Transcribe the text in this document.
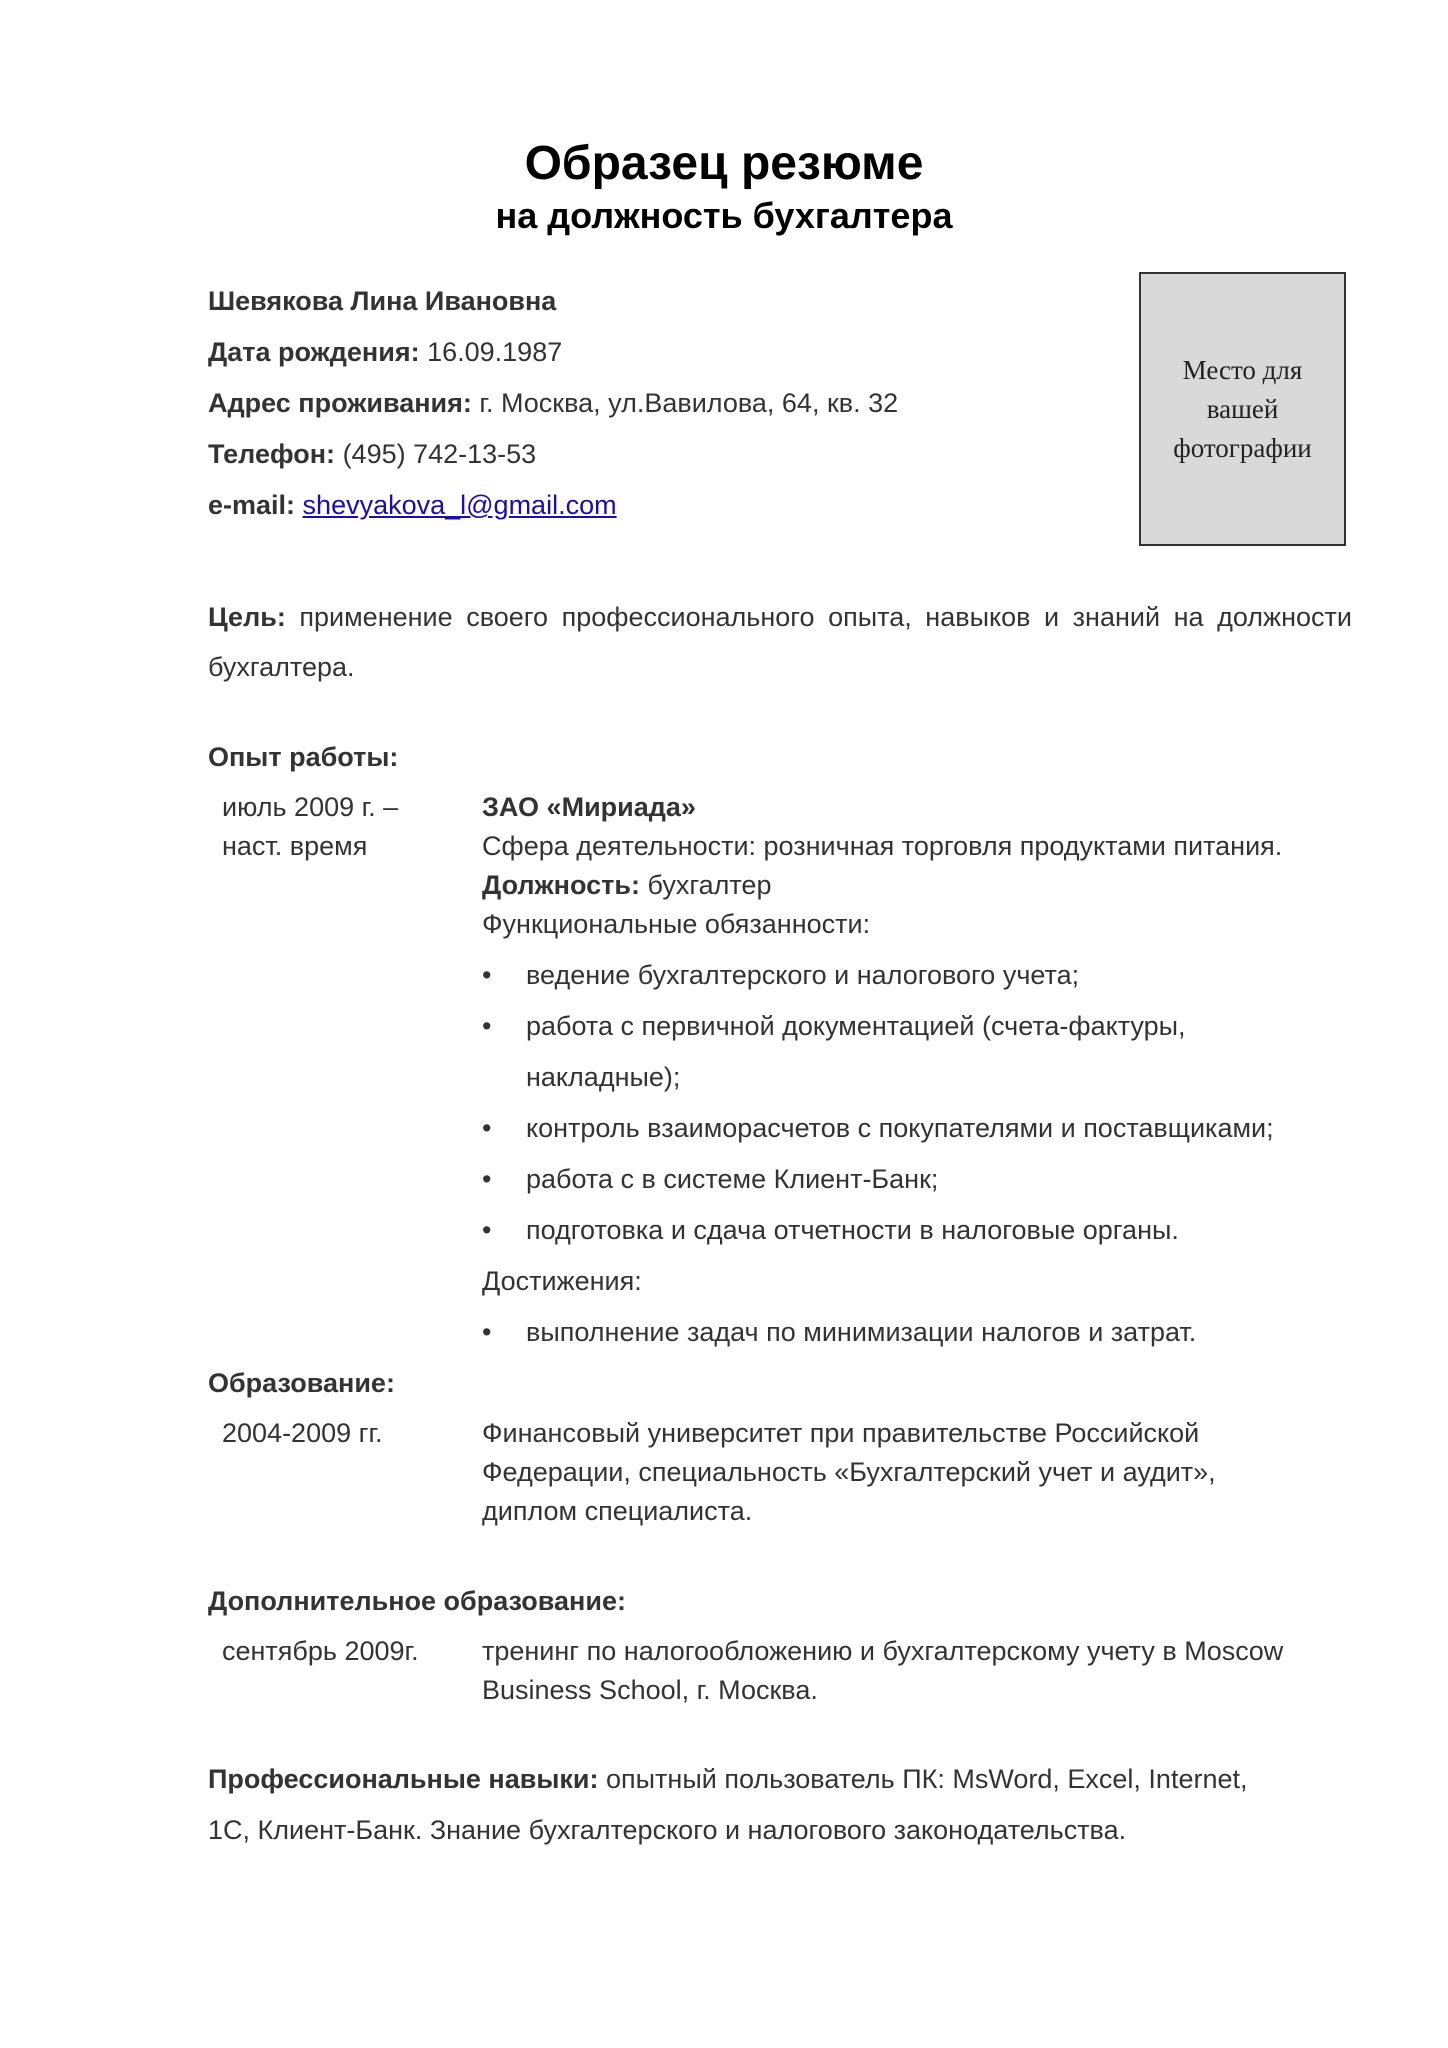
Образец резюме
на должность бухгалтера
Шевякова Лина Ивановна
Дата рождения: 16.09.1987
Адрес проживания: г. Москва, ул.Вавилова, 64, кв. 32
Телефон: (495) 742-13-53
e-mail: shevyakova_l@gmail.com
Место для
вашей
фотографии
Цель: применение своего профессионального опыта, навыков и знаний на должности бухгалтера.
Опыт работы:
июль 2009 г. –
наст. время
ЗАО «Мириада»
Сфера деятельности: розничная торговля продуктами питания.
Должность: бухгалтер
Функциональные обязанности:
• ведение бухгалтерского и налогового учета;
• работа с первичной документацией (счета-фактуры,
накладные);
• контроль взаиморасчетов с покупателями и поставщиками;
• работа с в системе Клиент-Банк;
• подготовка и сдача отчетности в налоговые органы.
Достижения:
• выполнение задач по минимизации налогов и затрат.
Образование:
2004-2009 гг.	Финансовый университет при правительстве Российской
Федерации, специальность «Бухгалтерский учет и аудит»,
диплом специалиста.
Дополнительное образование:
сентябрь 2009г. тренинг по налогообложению и бухгалтерскому учету в Moscow
Business School, г. Москва.
Профессиональные навыки: опытный пользователь ПК: MsWord, Excel, Internet,
1С, Клиент-Банк. Знание бухгалтерского и налогового законодательства.
